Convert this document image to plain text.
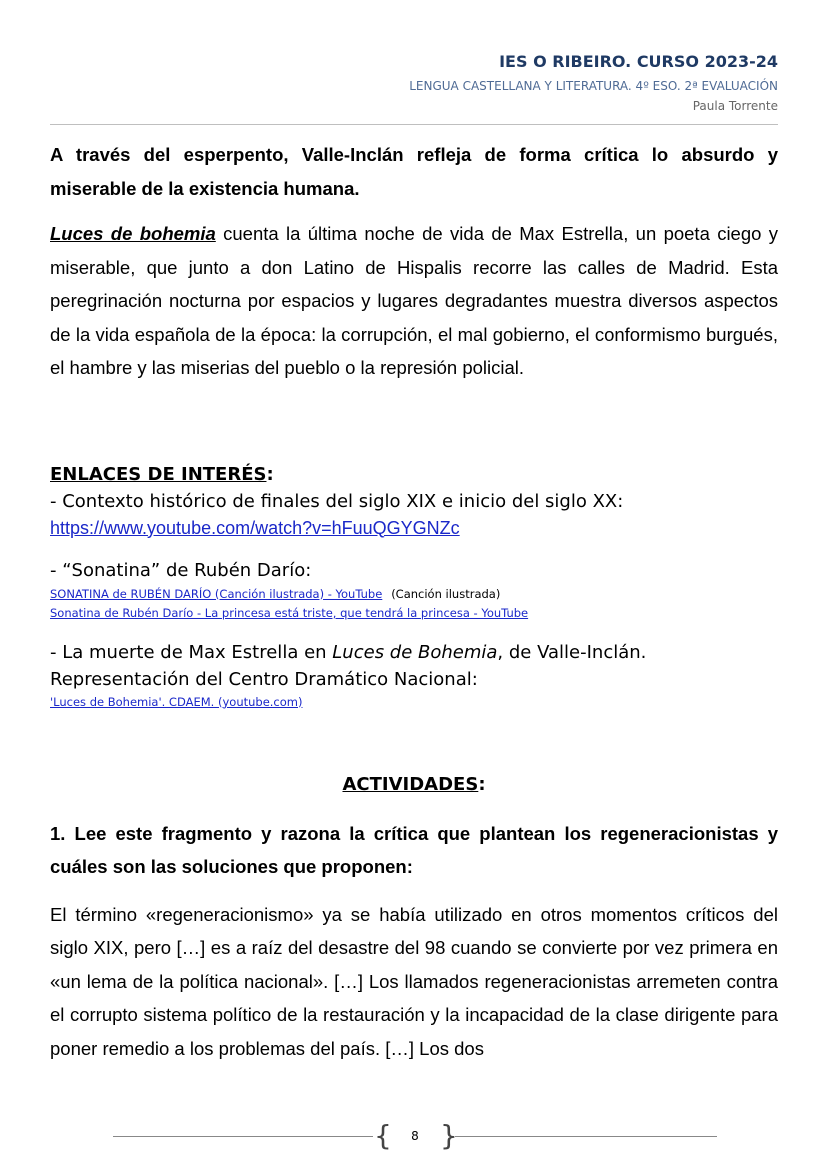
IES O RIBEIRO. CURSO 2023-24
LENGUA CASTELLANA Y LITERATURA. 4º ESO. 2ª EVALUACIÓN
Paula Torrente

A través del esperpento, Valle-Inclán refleja de forma crítica lo absurdo y miserable de la existencia humana.

Luces de bohemia cuenta la última noche de vida de Max Estrella, un poeta ciego y miserable, que junto a don Latino de Hispalis recorre las calles de Madrid. Esta peregrinación nocturna por espacios y lugares degradantes muestra diversos aspectos de la vida española de la época: la corrupción, el mal gobierno, el conformismo burgués, el hambre y las miserias del pueblo o la represión policial.

ENLACES DE INTERÉS:
- Contexto histórico de finales del siglo XIX e inicio del siglo XX:
https://www.youtube.com/watch?v=hFuuQGYGNZc
- “Sonatina” de Rubén Darío:
SONATINA de RUBÉN DARÍO (Canción ilustrada) - YouTube (Canción ilustrada)
Sonatina de Rubén Darío - La princesa está triste, que tendrá la princesa - YouTube
- La muerte de Max Estrella en Luces de Bohemia, de Valle-Inclán.
Representación del Centro Dramático Nacional:
'Luces de Bohemia'. CDAEM. (youtube.com)
ACTIVIDADES:

1. Lee este fragmento y razona la crítica que plantean los regeneracionistas y cuáles son las soluciones que proponen:

El término «regeneracionismo» ya se había utilizado en otros momentos críticos del siglo XIX, pero […] es a raíz del desastre del 98 cuando se convierte por vez primera en «un lema de la política nacional». […] Los llamados regeneracionistas arremeten contra el corrupto sistema político de la restauración y la incapacidad de la clase dirigente para poner remedio a los problemas del país. […] Los dos

{	8 }
